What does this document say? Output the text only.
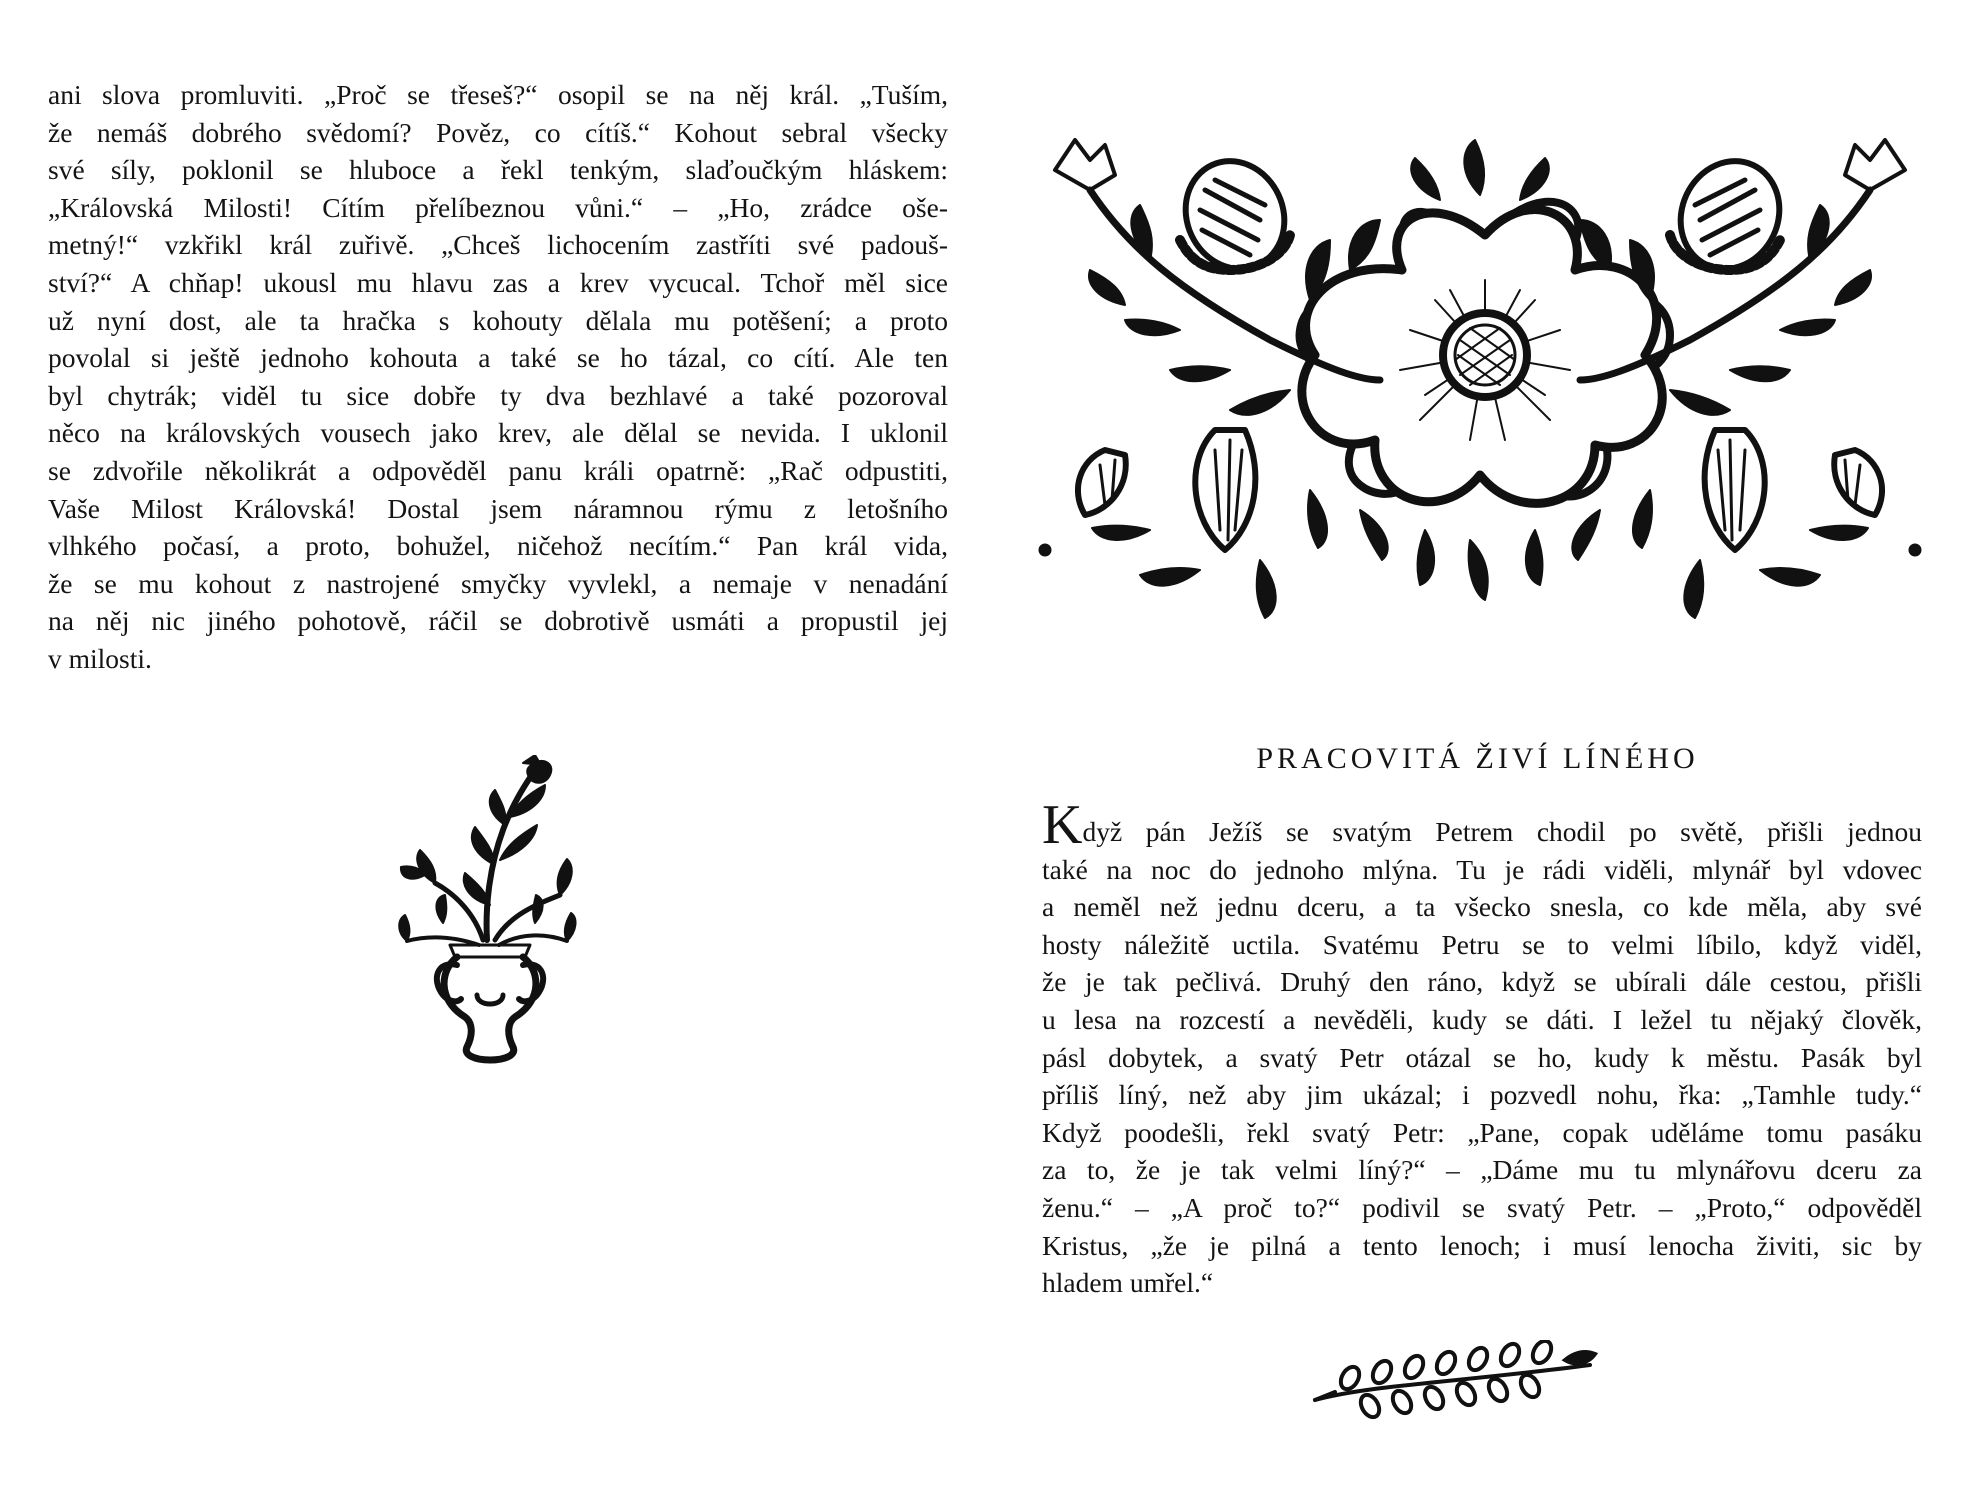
ani slova promluviti. „Proč se třeseš?“ osopil se na něj král. „Tuším,
že nemáš dobrého svědomí? Pověz, co cítíš.“ Kohout sebral všecky
své síly, poklonil se hluboce a řekl tenkým, slaďoučkým hláskem:
„Královská Milosti! Cítím přelíbeznou vůni.“ – „Ho, zrádce oše-
metný!“ vzkřikl král zuřivě. „Chceš lichocením zastříti své padouš-
ství?“ A chňap! ukousl mu hlavu zas a krev vycucal. Tchoř měl sice
už nyní dost, ale ta hračka s kohouty dělala mu potěšení; a proto
povolal si ještě jednoho kohouta a také se ho tázal, co cítí. Ale ten
byl chytrák; viděl tu sice dobře ty dva bezhlavé a také pozoroval
něco na královských vousech jako krev, ale dělal se nevida. I uklonil
se zdvořile několikrát a odpověděl panu králi opatrně: „Rač odpustiti,
Vaše Milost Královská! Dostal jsem náramnou rýmu z letošního
vlhkého počasí, a proto, bohužel, ničehož necítím.“ Pan král vida,
že se mu kohout z nastrojené smyčky vyvlekl, a nemaje v nenadání
na něj nic jiného pohotově, ráčil se dobrotivě usmáti a propustil jej
v milosti.
PRACOVITÁ ŽIVÍ LÍNÉHO
Když pán Ježíš se svatým Petrem chodil po světě, přišli jednou
také na noc do jednoho mlýna. Tu je rádi viděli, mlynář byl vdovec
a neměl než jednu dceru, a ta všecko snesla, co kde měla, aby své
hosty náležitě uctila. Svatému Petru se to velmi líbilo, když viděl,
že je tak pečlivá. Druhý den ráno, když se ubírali dále cestou, přišli
u lesa na rozcestí a nevěděli, kudy se dáti. I ležel tu nějaký člověk,
pásl dobytek, a svatý Petr otázal se ho, kudy k městu. Pasák byl
příliš líný, než aby jim ukázal; i pozvedl nohu, řka: „Tamhle tudy.“
Když poodešli, řekl svatý Petr: „Pane, copak uděláme tomu pasáku
za to, že je tak velmi líný?“ – „Dáme mu tu mlynářovu dceru za
ženu.“ – „A proč to?“ podivil se svatý Petr. – „Proto,“ odpověděl
Kristus, „že je pilná a tento lenoch; i musí lenocha živiti, sic by
hladem umřel.“
